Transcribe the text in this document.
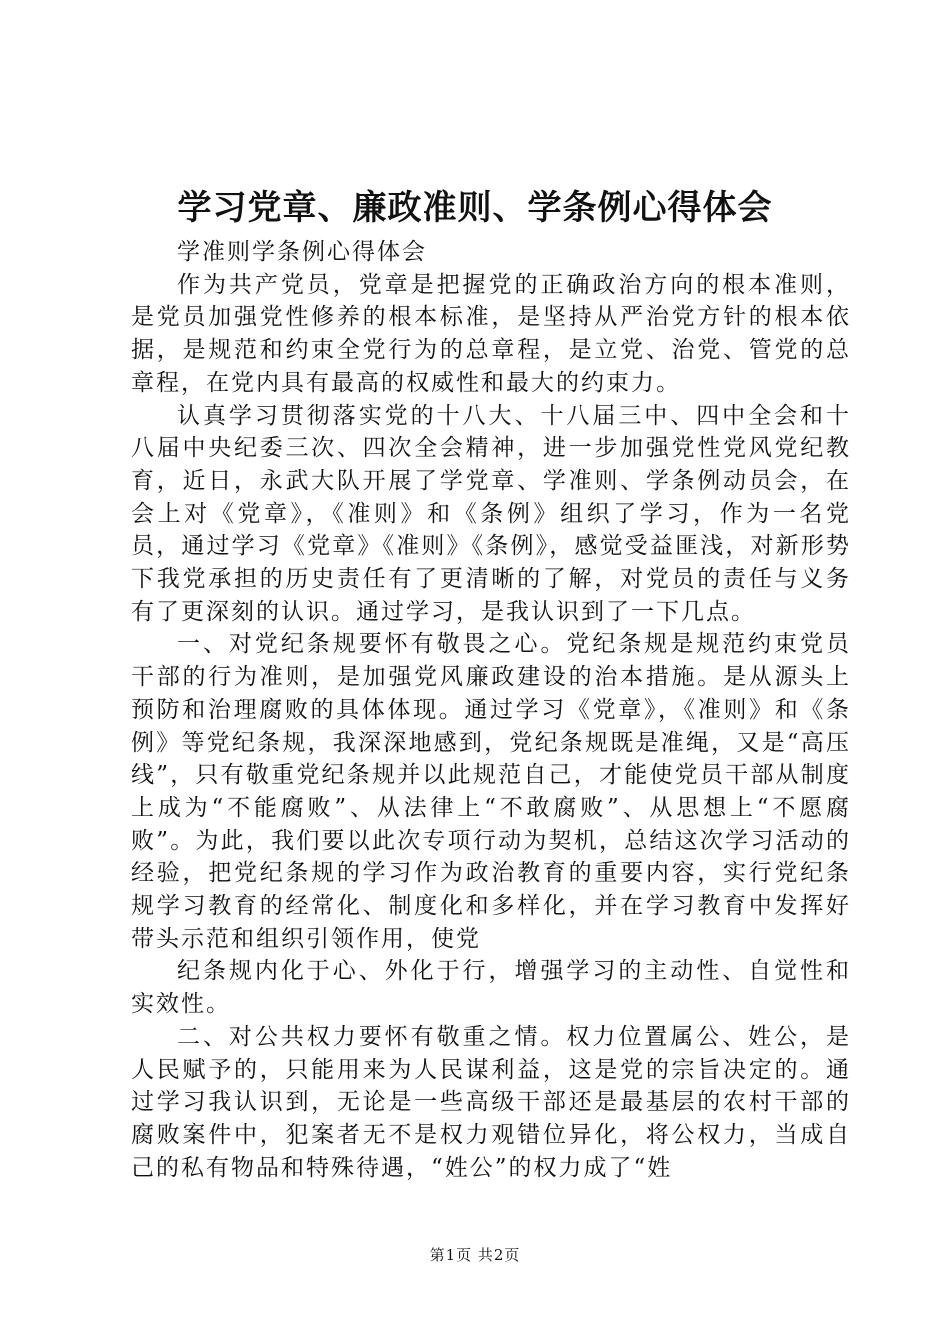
学习党章、廉政准则、学条例心得体会

学准则学条例心得体会

作为共产党员，党章是把握党的正确政治方向的根本准则，是党员加强党性修养的根本标准，是坚持从严治党方针的根本依据，是规范和约束全党行为的总章程，是立党、治党、管党的总章程，在党内具有最高的权威性和最大的约束力。

认真学习贯彻落实党的十八大、十八届三中、四中全会和十八届中央纪委三次、四次全会精神，进一步加强党性党风党纪教育，近日，永武大队开展了学党章、学准则、学条例动员会，在会上对《党章》，《准则》和《条例》组织了学习，作为一名党员，通过学习《党章》《准则》《条例》，感觉受益匪浅，对新形势下我党承担的历史责任有了更清晰的了解，对党员的责任与义务有了更深刻的认识。通过学习，是我认识到了一下几点。

一、对党纪条规要怀有敬畏之心。党纪条规是规范约束党员干部的行为准则，是加强党风廉政建设的治本措施。是从源头上预防和治理腐败的具体体现。通过学习《党章》，《准则》和《条例》等党纪条规，我深深地感到，党纪条规既是准绳，又是“高压线”，只有敬重党纪条规并以此规范自己，才能使党员干部从制度上成为“不能腐败”、从法律上“不敢腐败”、从思想上“不愿腐败”。为此，我们要以此次专项行动为契机，总结这次学习活动的经验，把党纪条规的学习作为政治教育的重要内容，实行党纪条规学习教育的经常化、制度化和多样化，并在学习教育中发挥好带头示范和组织引领作用，使党

纪条规内化于心、外化于行，增强学习的主动性、自觉性和实效性。

二、对公共权力要怀有敬重之情。权力位置属公、姓公，是人民赋予的，只能用来为人民谋利益，这是党的宗旨决定的。通过学习我认识到，无论是一些高级干部还是最基层的农村干部的腐败案件中，犯案者无不是权力观错位异化，将公权力，当成自己的私有物品和特殊待遇，“姓公”的权力成了“姓

第1页 共2页
